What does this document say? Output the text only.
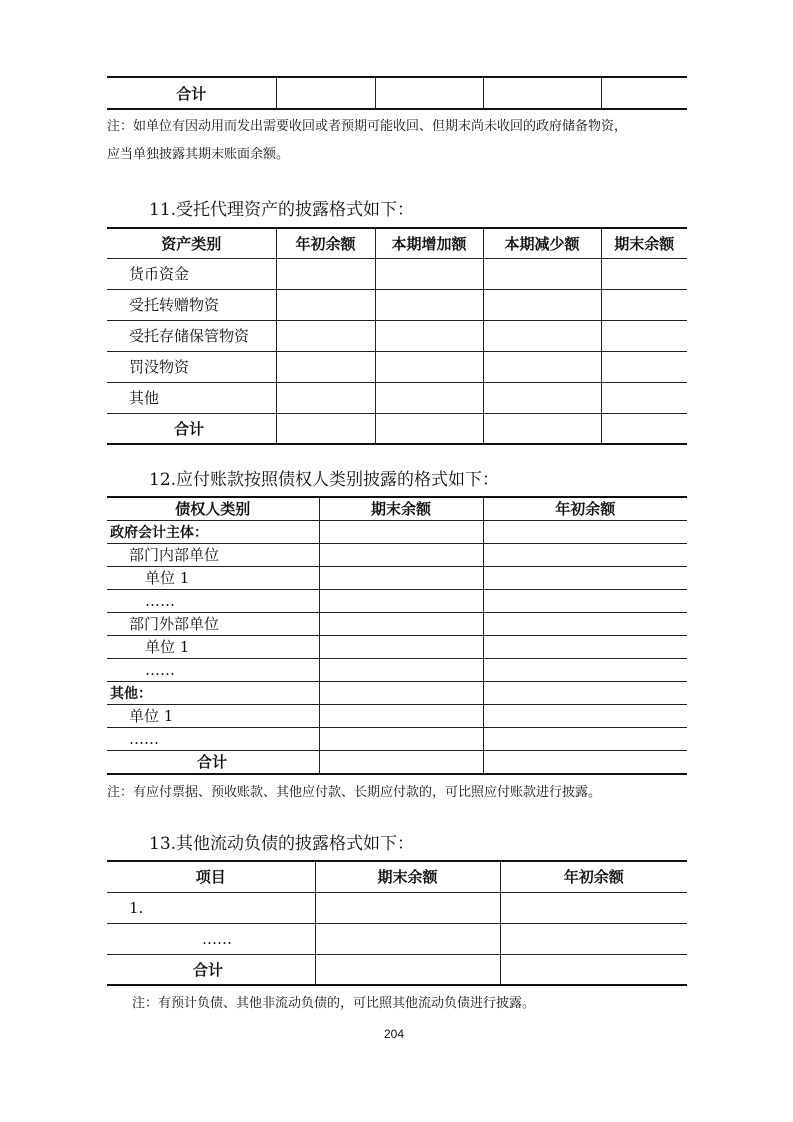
合计				
注：如单位有因动用而发出需要收回或者预期可能收回、但期末尚未收回的政府储备物资，
应当单独披露其期末账面余额。
11.受托代理资产的披露格式如下：
资产类别	年初余额	本期增加额	本期减少额	期末余额
货币资金				
受托转赠物资				
受托存储保管物资				
罚没物资				
其他				
合计				
12.应付账款按照债权人类别披露的格式如下：
债权人类别	期末余额	年初余额
政府会计主体：		
部门内部单位		
单位 1		
……		
部门外部单位		
单位 1		
……		
其他：		
单位 1		
……		
合计		
注：有应付票据、预收账款、其他应付款、长期应付款的，可比照应付账款进行披露。
13.其他流动负债的披露格式如下：
项目	期末余额	年初余额
1.		
……		
合计		
注：有预计负债、其他非流动负债的，可比照其他流动负债进行披露。
204
